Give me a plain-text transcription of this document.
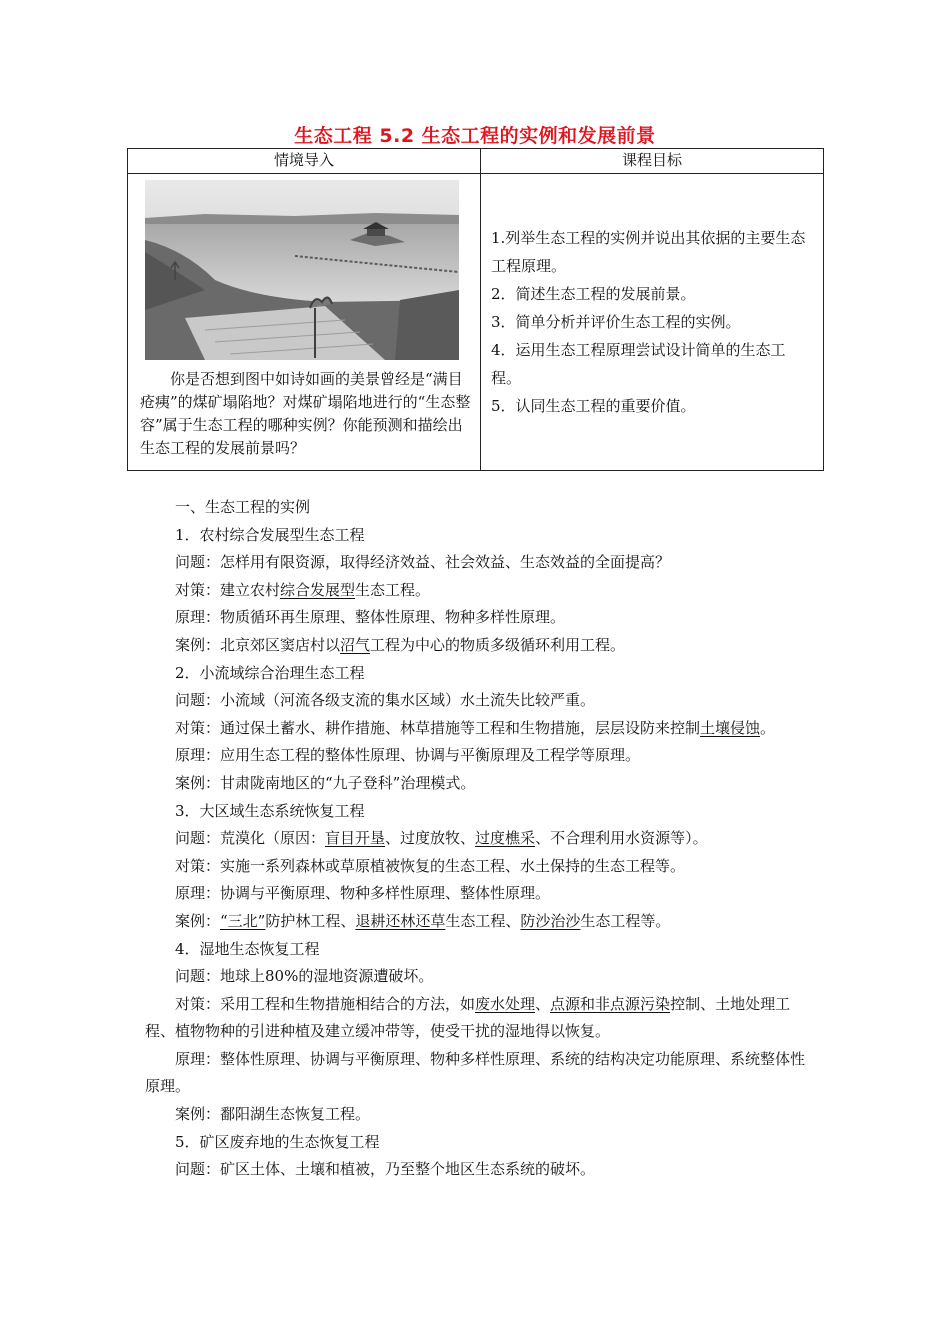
生态工程 5.2 生态工程的实例和发展前景
情境导入	课程目标

你是否想到图中如诗如画的美景曾经是“满目疮痍”的煤矿塌陷地？对煤矿塌陷地进行的“生态整容”属于生态工程的哪种实例？你能预测和描绘出生态工程的发展前景吗？	1.列举生态工程的实例并说出其依据的主要生态工程原理。
2．简述生态工程的发展前景。
3．简单分析并评价生态工程的实例。
4．运用生态工程原理尝试设计简单的生态工程。
5．认同生态工程的重要价值。

一、生态工程的实例

1．农村综合发展型生态工程

问题：怎样用有限资源，取得经济效益、社会效益、生态效益的全面提高？

对策：建立农村综合发展型生态工程。

原理：物质循环再生原理、整体性原理、物种多样性原理。

案例：北京郊区窦店村以沼气工程为中心的物质多级循环利用工程。

2．小流域综合治理生态工程

问题：小流域（河流各级支流的集水区域）水土流失比较严重。

对策：通过保土蓄水、耕作措施、林草措施等工程和生物措施，层层设防来控制土壤侵蚀。

原理：应用生态工程的整体性原理、协调与平衡原理及工程学等原理。

案例：甘肃陇南地区的“九子登科”治理模式。

3．大区域生态系统恢复工程

问题：荒漠化（原因：盲目开垦、过度放牧、过度樵采、不合理利用水资源等）。

对策：实施一系列森林或草原植被恢复的生态工程、水土保持的生态工程等。

原理：协调与平衡原理、物种多样性原理、整体性原理。

案例：“三北”防护林工程、退耕还林还草生态工程、防沙治沙生态工程等。

4．湿地生态恢复工程

问题：地球上80%的湿地资源遭破坏。

对策：采用工程和生物措施相结合的方法，如废水处理、点源和非点源污染控制、土地处理工程、植物物种的引进种植及建立缓冲带等，使受干扰的湿地得以恢复。

原理：整体性原理、协调与平衡原理、物种多样性原理、系统的结构决定功能原理、系统整体性原理。

案例：鄱阳湖生态恢复工程。

5．矿区废弃地的生态恢复工程

问题：矿区土体、土壤和植被，乃至整个地区生态系统的破坏。
